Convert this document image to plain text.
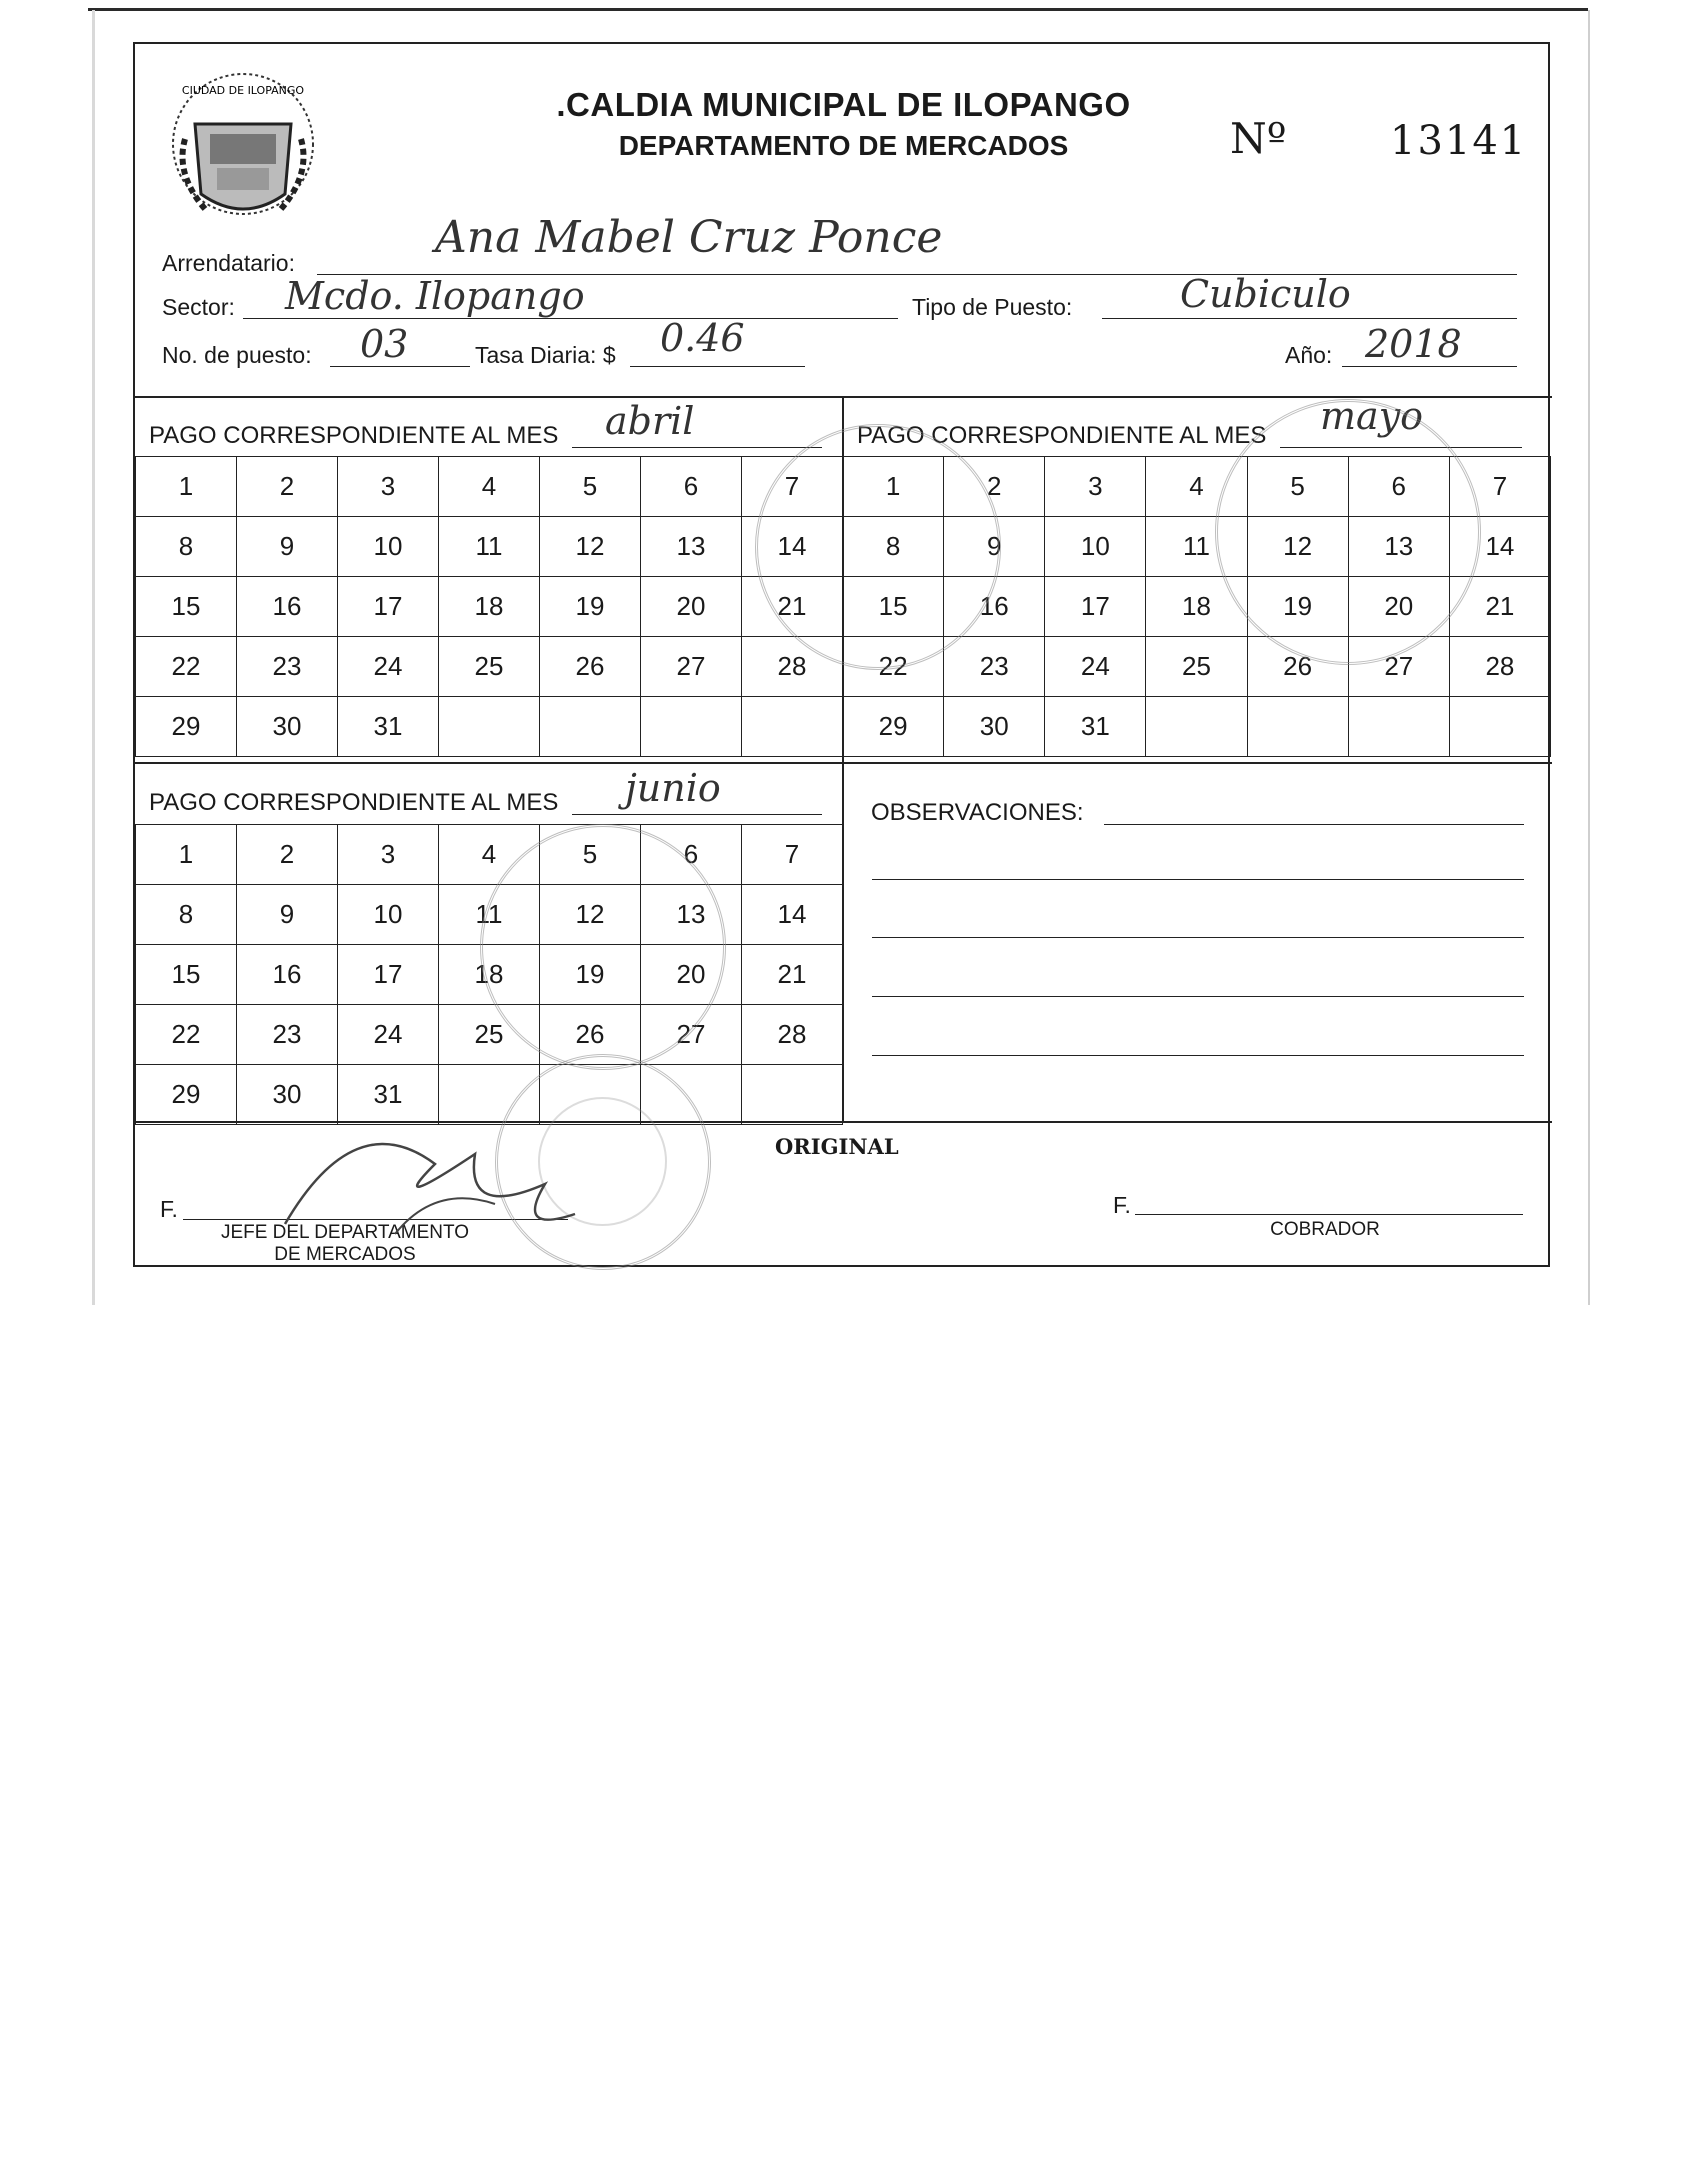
CIUDAD DE ILOPANGO	.CALDIA MUNICIPAL DE ILOPANGO
DEPARTAMENTO DE MERCADOS	Nº	13141
Arrendatario:	Ana Mabel Cruz Ponce
Sector: Mcdo. Ilopango	Tipo de Puesto:	Cubiculo
No. de puesto: 03	Tasa Diaria: $ 0.46	Año: 2018
PAGO CORRESPONDIENTE AL MES abril
1	2	3	4	5	6	7
8	9	10	11	12	13	14
15	16	17	18	19	20	21
22	23	24	25	26	27	28
29	30	31				
PAGO CORRESPONDIENTE AL MES mayo
1	2	3	4	5	6	7
8	9	10	11	12	13	14
15	16	17	18	19	20	21
22	23	24	25	26	27	28
29	30	31				
PAGO CORRESPONDIENTE AL MES junio
1	2	3	4	5	6	7
8	9	10	11	12	13	14
15	16	17	18	19	20	21
22	23	24	25	26	27	28
29	30	31				
OBSERVACIONES:
ORIGINAL
F.
JEFE DEL DEPARTAMENTO
DE MERCADOS
F.
COBRADOR
